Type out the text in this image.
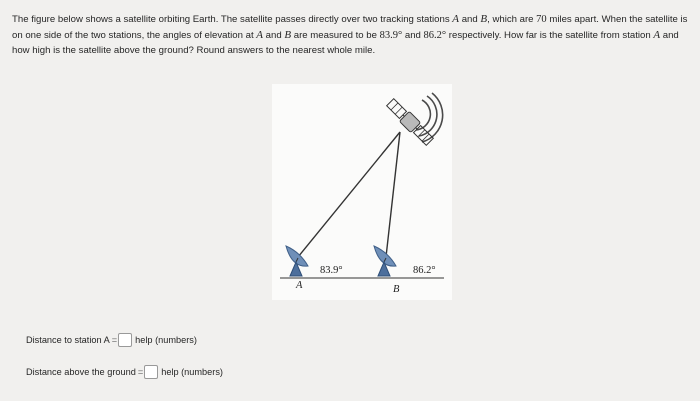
The figure below shows a satellite orbiting Earth. The satellite passes directly over two tracking stations A and B, which are 70 miles apart. When the satellite is on one side of the two stations, the angles of elevation at A and B are measured to be 83.9° and 86.2° respectively. How far is the satellite from station A and how high is the satellite above the ground? Round answers to the nearest whole mile.
83.9°	86.2°
A	B
Distance to station A = help (numbers)
Distance above the ground = help (numbers)
